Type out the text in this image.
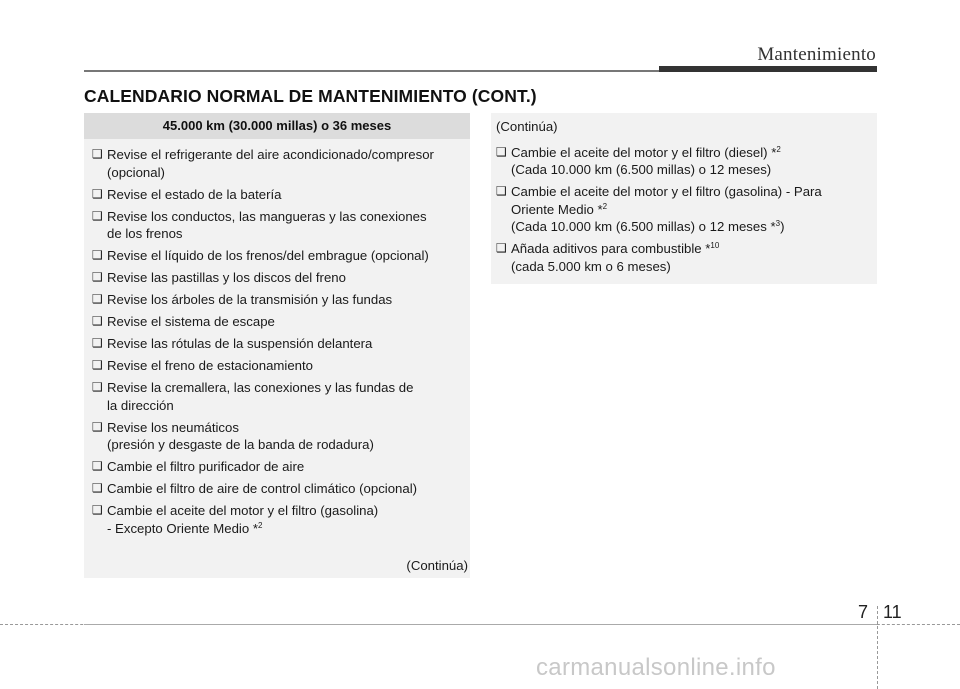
Mantenimiento
CALENDARIO NORMAL DE MANTENIMIENTO (CONT.)
45.000 km (30.000 millas) o 36 meses
❑ Revise el refrigerante del aire acondicionado/compresor
(opcional)
❑ Revise el estado de la batería
❑ Revise los conductos, las mangueras y las conexiones
de los frenos
❑ Revise el líquido de los frenos/del embrague (opcional)
❑ Revise las pastillas y los discos del freno
❑ Revise los árboles de la transmisión y las fundas
❑ Revise el sistema de escape
❑ Revise las rótulas de la suspensión delantera
❑ Revise el freno de estacionamiento
❑ Revise la cremallera, las conexiones y las fundas de
la dirección
❑ Revise los neumáticos
(presión y desgaste de la banda de rodadura)
❑ Cambie el filtro purificador de aire
❑ Cambie el filtro de aire de control climático (opcional)
❑ Cambie el aceite del motor y el filtro (gasolina)
- Excepto Oriente Medio *$^2$
(Continúa)
(Continúa)
❑ Cambie el aceite del motor y el filtro (diesel) *$^2$
(Cada 10.000 km (6.500 millas) o 12 meses)
❑ Cambie el aceite del motor y el filtro (gasolina) - Para
Oriente Medio *$^2$
(Cada 10.000 km (6.500 millas) o 12 meses *$^3$)
❑ Añada aditivos para combustible *$^{10}$
(cada 5.000 km o 6 meses)
7 11
carmanualsonline.info
